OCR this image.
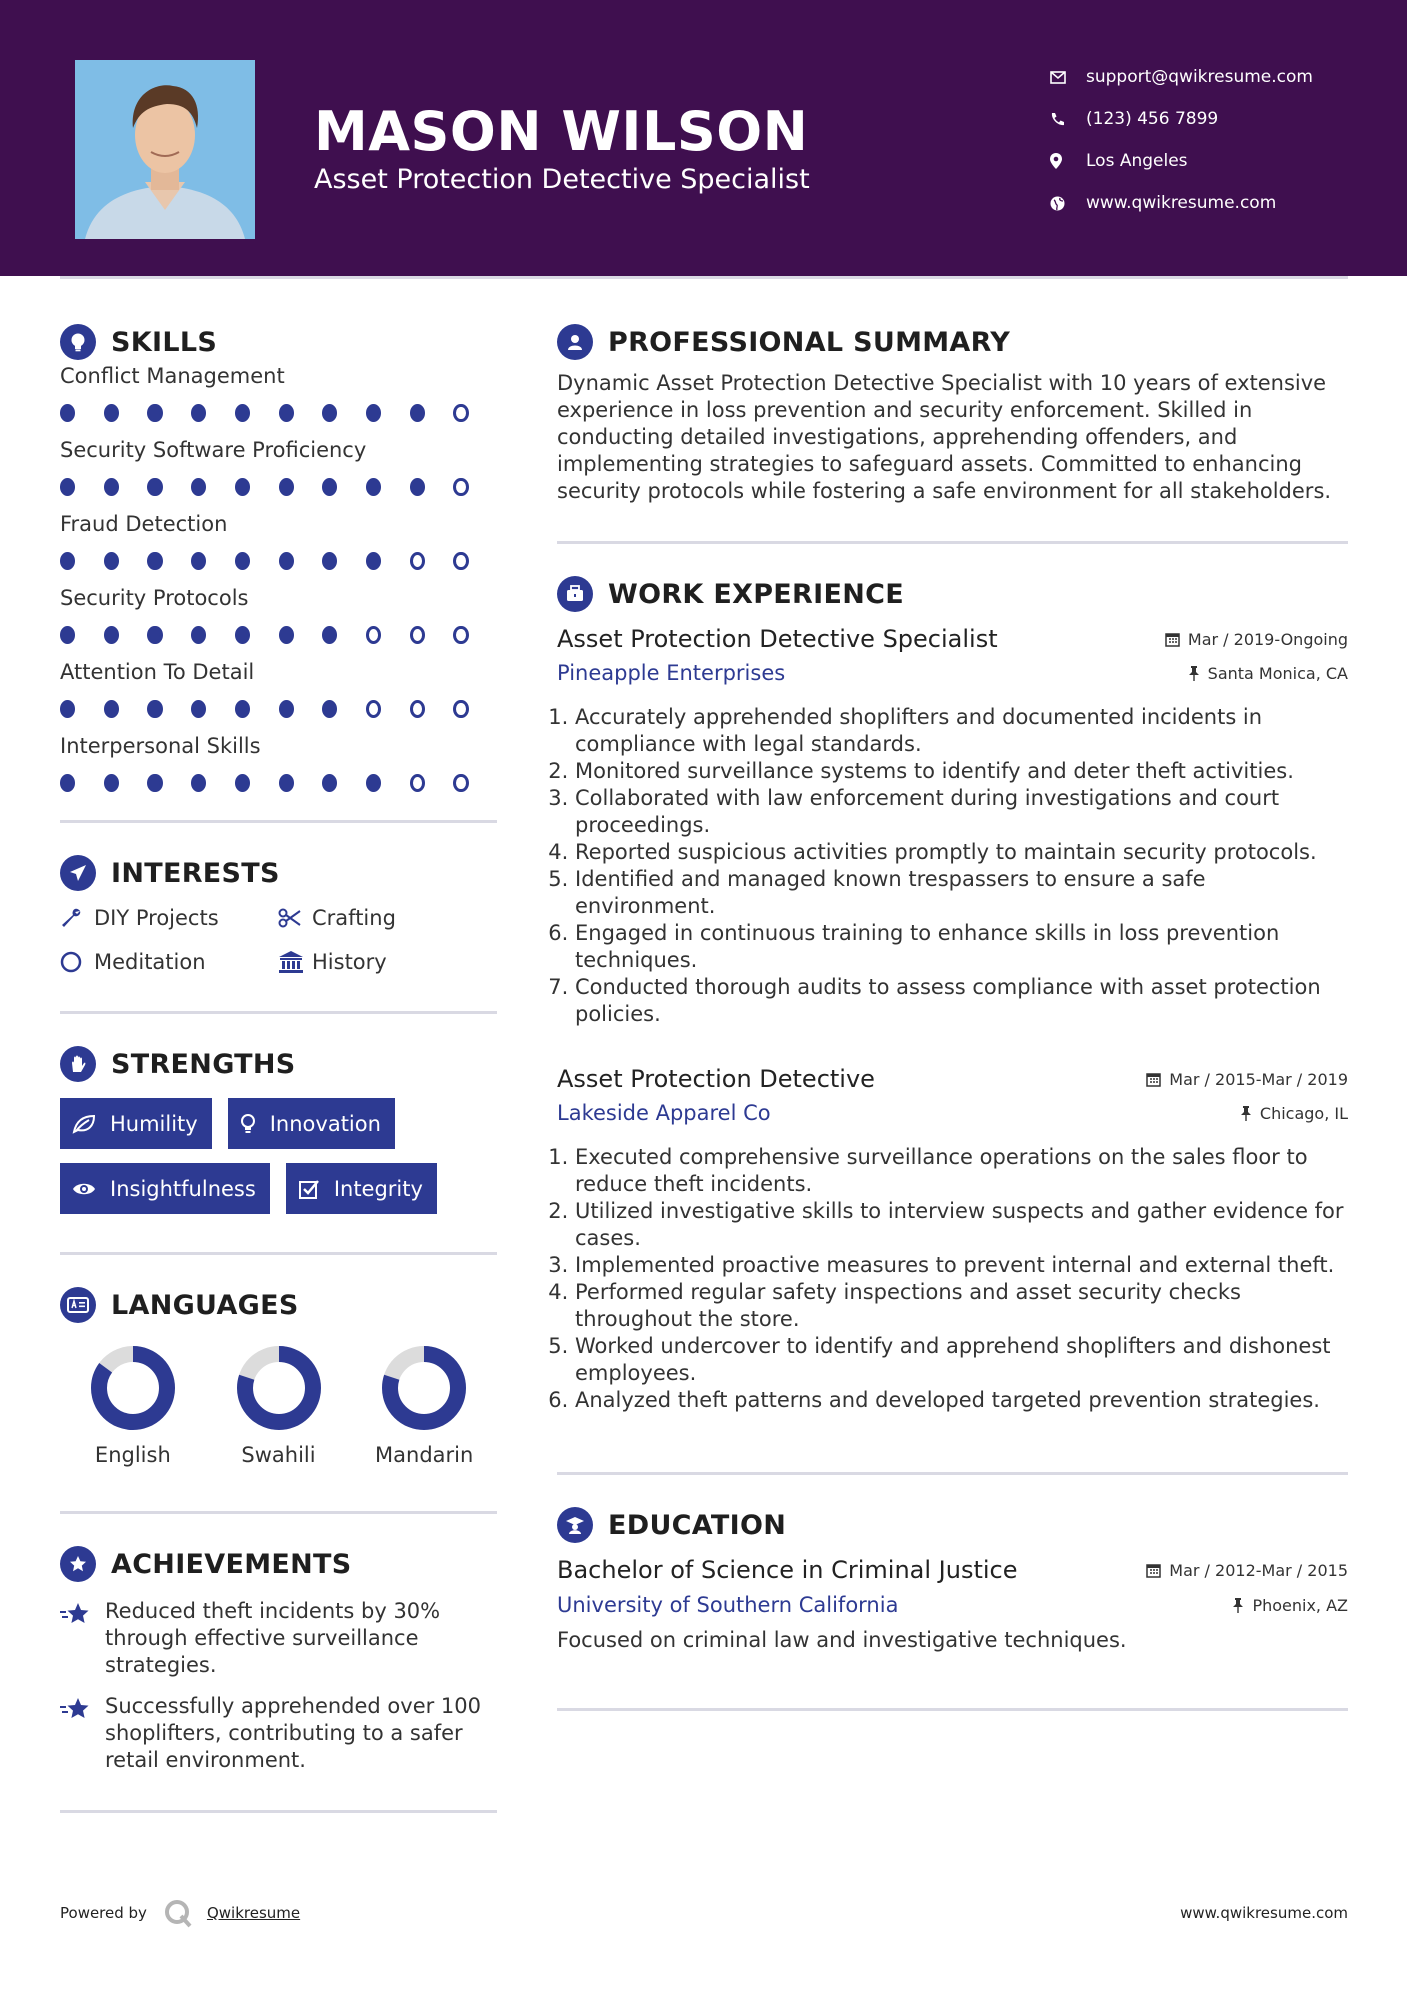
MASON WILSON
Asset Protection Detective Specialist
support@qwikresume.com
(123) 456 7899
Los Angeles
www.qwikresume.com
SKILLS
Conflict Management
Security Software Proficiency
Fraud Detection
Security Protocols
Attention To Detail
Interpersonal Skills
INTERESTS
DIY Projects	Crafting
Meditation	History
STRENGTHS
Humility	Innovation
Insightfulness	Integrity
LANGUAGES
English	Swahili	Mandarin
ACHIEVEMENTS
Reduced theft incidents by 30% through effective surveillance strategies.
Successfully apprehended over 100 shoplifters, contributing to a safer retail environment.
PROFESSIONAL SUMMARY

Dynamic Asset Protection Detective Specialist with 10 years of extensive experience in loss prevention and security enforcement. Skilled in conducting detailed investigations, apprehending offenders, and implementing strategies to safeguard assets. Committed to enhancing security protocols while fostering a safe environment for all stakeholders.

WORK EXPERIENCE
Asset Protection Detective Specialist	Mar / 2019-Ongoing
Pineapple Enterprises	Santa Monica, CA
1. Accurately apprehended shoplifters and documented incidents in compliance with legal standards.
2. Monitored surveillance systems to identify and deter theft activities.
3. Collaborated with law enforcement during investigations and court proceedings.
4. Reported suspicious activities promptly to maintain security protocols.
5. Identified and managed known trespassers to ensure a safe environment.
6. Engaged in continuous training to enhance skills in loss prevention techniques.
7. Conducted thorough audits to assess compliance with asset protection policies.
Asset Protection Detective	Mar / 2015-Mar / 2019
Lakeside Apparel Co	Chicago, IL
1. Executed comprehensive surveillance operations on the sales floor to reduce theft incidents.
2. Utilized investigative skills to interview suspects and gather evidence for cases.
3. Implemented proactive measures to prevent internal and external theft.
4. Performed regular safety inspections and asset security checks throughout the store.
5. Worked undercover to identify and apprehend shoplifters and dishonest employees.
6. Analyzed theft patterns and developed targeted prevention strategies.
EDUCATION
Bachelor of Science in Criminal Justice	Mar / 2012-Mar / 2015
University of Southern California	Phoenix, AZ

Focused on criminal law and investigative techniques.

Powered by	Qwikresume	www.qwikresume.com
